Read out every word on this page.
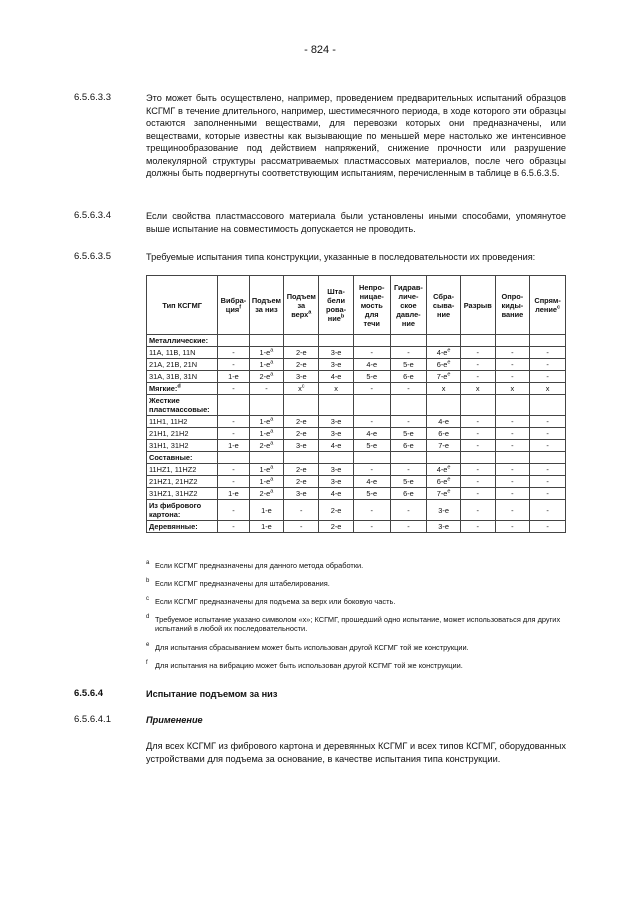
- 824 -
6.5.6.3.3	Это может быть осуществлено, например, проведением предварительных испытаний образцов КСГМГ в течение длительного, например, шестимесячного периода, в ходе которого эти образцы остаются заполненными веществами, для перевозки которых они предназначены, или веществами, которые известны как вызывающие по меньшей мере настолько же интенсивное трещинообразование под действием напряжений, снижение прочности или разрушение молекулярной структуры рассматриваемых пластмассовых материалов, после чего образцы должны быть подвергнуты соответствующим испытаниям, перечисленным в таблице в 6.5.6.3.5.
6.5.6.3.4	Если свойства пластмассового материала были установлены иными способами, упомянутое выше испытание на совместимость допускается не проводить.
6.5.6.3.5	Требуемые испытания типа конструкции, указанные в последовательности их проведения:
Тип КСГМГ	Вибра-ция$^f$	Подъем за низ	Подъем за верх$^a$	Шта-бели рова-ние$^b$	Непро-ницае-мость для течи	Гидрав-личе-ское давле-ние	Сбра-сыва-ние	Разрыв	Опро-киды-вание	Спрям-ление$^c$
Металлические:										
11A, 11B, 11N	-	$1-е^a$	2-е	3-е	-	-	$4-е^e$	-	-	-
21A, 21B, 21N	-	$1-е^a$	2-е	3-е	4-е	5-е	$6-е^e$	-	-	-
31A, 31B, 31N	1-е	$2-е^a$	3-е	4-е	5-е	6-е	$7-е^e$	-	-	-
Мягкие:$^d$	-	-	$x^c$	x	-	-	x	x	x	x
Жесткие пластмассовые:										
11H1, 11H2	-	$1-е^a$	2-е	3-е	-	-	4-е	-	-	-
21H1, 21H2	-	$1-е^a$	2-е	3-е	4-е	5-е	6-е	-	-	-
31H1, 31H2	1-е	$2-е^a$	3-е	4-е	5-е	6-е	7-е	-	-	-
Составные:										
11HZ1, 11HZ2	-	$1-е^a$	2-е	3-е	-	-	$4-е^e$	-	-	-
21HZ1, 21HZ2	-	$1-е^a$	2-е	3-е	4-е	5-е	$6-е^e$	-	-	-
31HZ1, 31HZ2	1-е	$2-е^a$	3-е	4-е	5-е	6-е	$7-е^e$	-	-	-
Из фибрового картона:	-	1-е	-	2-е	-	-	3-е	-	-	-
Деревянные:	-	1-е	-	2-е	-	-	3-е	-	-	-
a Если КСГМГ предназначены для данного метода обработки.
b Если КСГМГ предназначены для штабелирования.
c Если КСГМГ предназначены для подъема за верх или боковую часть.
d Требуемое испытание указано символом «x»; КСГМГ, прошедший одно испытание, может использоваться для других испытаний в любой их последовательности.
e Для испытания сбрасыванием может быть использован другой КСГМГ той же конструкции.
f Для испытания на вибрацию может быть использован другой КСГМГ той же конструкции.
6.5.6.4	Испытание подъемом за низ
6.5.6.4.1	Применение
Для всех КСГМГ из фибрового картона и деревянных КСГМГ и всех типов КСГМГ, оборудованных устройствами для подъема за основание, в качестве испытания типа конструкции.
